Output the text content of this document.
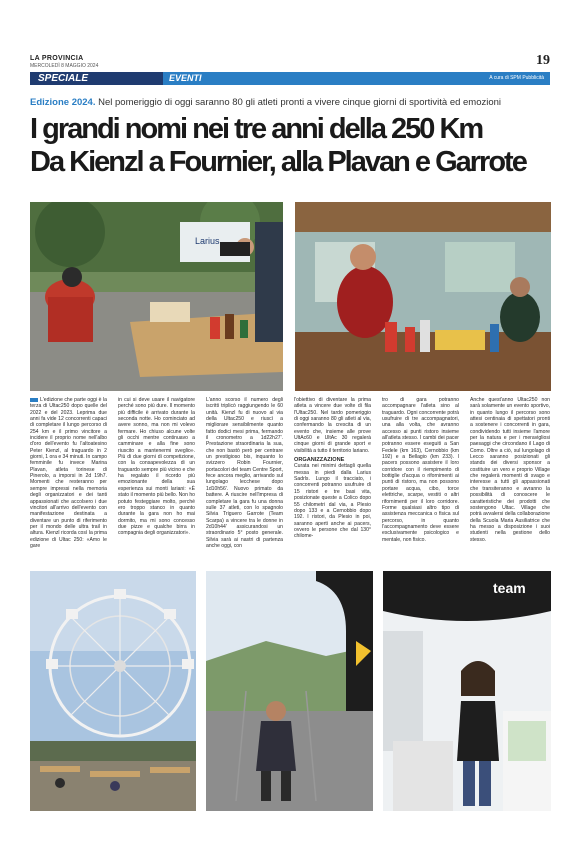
LA PROVINCIA
MERCOLEDÌ 8 MAGGIO 2024	19
SPECIALE	EVENTI	A cura di SPM Pubblicità
Edizione 2024. Nel pomeriggio di oggi saranno 80 gli atleti pronti a vivere cinque giorni di sportività ed emozioni
I grandi nomi nei tre anni della 250 Km
Da Kienzl a Fournier, alla Plavan e Garrote
Larius
L'edizione che parte oggi è la terza di Ultac250 dopo quelle del 2022 e del 2023. Leprima due anni fa vide 12 concorrenti capaci di completare il lungo percorso di 254 km e il primo vincitore a incidere il proprio nome nell'albo d'oro dell'evento fu l'altoatesino Peter Kienzl, al traguardo in 2 giorni, 1 ora e 34 minuti. In campo femminile fu invece Marina Plavan, atleta torinese di Pinerolo, a imporsi in 2d 19h7. Momenti che resteranno per sempre impressi nella memoria degli organizzatori e dei tanti appassionati che accolsero i due vincitori all'arrivo dell'evento con manifestazione destinata a diventare un punto di riferimento per il mondo delle ultra trail in altura. Kienzl ricorda così la prima edizione di Ultac 250: «Amo le gare

in cui si deve usare il navigatore perché sono più dure. Il momento più difficile è arrivato durante la seconda notte. Ho cominciato ad avere sonno, ma non mi volevo fermare. Ho chiuso alcune volte gli occhi mentre continuavo a camminare e alla fine sono riuscito a mantenermi sveglio». Più di due giorni di competizione, con la consapevolezza di un traguardo sempre più vicino e che ha regalato il ricordo più emozionante della sua esperienza sui monti lariani: «È stato il momento più bello. Non ho potuto festeggiare molto, perché ero troppo stanco in quanto durante la gara non ho mai dormito, ma mi sono concesso due pizze e qualche birra in compagnia degli organizzatori».

L'anno scorso il numero degli iscritti triplicò raggiungendo le 60 unità. Kienzl fu di nuovo al via della Ultac250 e riuscì a migliorare sensibilmente quanto fatto dodici mesi prima, fermando il cronometro a 1d22h27'. Prestazione straordinaria la sua, che non bastò però per centrare un prestigioso bis, inquanto lo svizzero Robin Fournier, portacolori del team Centre Sport, fece ancora meglio, arrivando sul lungolago lecchese dopo 1d10h56'. Nuovo primato da battere. A riuscire nell'impresa di completare la gara fu una donna sulle 37 atleti, con lo spagnolo Silvia Triguero Garrote (Team Scarpa) a vincere tra le donne in 2d10h44' assicurandosi un straordinario 5° posto generale. Silvia sarà ai nastri di partenza anche oggi, con

l'obiettivo di diventare la prima atleta a vincere due volte di fila l'Ultac250. Nel tardo pomeriggio di oggi saranno 80 gli atleti al via, confermando la crescita di un evento che, insieme alle prove UltAc60 e UltAc 30 regalerà cinque giorni di grande sport e visibilità a tutto il territorio lariano.

ORGANIZZAZIONE

Curata nei minimi dettagli quella messa in piedi dalla Larius Sadrls. Lungo il tracciato, i concorrenti potranno usufruire di 15 ristori e tre basi vita, posizionate queste a Colico dopo 55 chilometri dal via, a Plesio dopo 133 e a Cernobbio dopo 192. I ristori, da Plesio in poi, saranno aperti anche ai pacers, ovvero le persone che dal 130° chilome-

tro di gara potranno accompagnare l'atleta sino al traguardo. Ogni concorrente potrà usufruire di tre accompagnatori, una alla volta, che avranno accesso ai punti ristoro insieme all'atleta stesso. I cambi dei pacer potranno essere eseguiti a San Fedele (km 163), Cernobbio (km 192) e a Bellagio (km 233). I pacers possono assistere il loro corridore con il riempimento di bottiglie d'acqua o rifornimenti ai punti di ristoro, ma non possono portare acqua, cibo, torce elettriche, scarpe, vestiti o altri rifornimenti per il loro corridore. Forme qualsiasi altro tipo di assistenza meccanica o fisica sul percorso, in quanto l'accompagnamento deve essere esclusivamente psicologico e mentale, non fisico.

Anche quest'anno Ultac250 non sarà solamente un evento sportivo, in quanto lungo il percorso sono attesi centinaia di spettatori pronti a sostenere i concorrenti in gara, condividendo tutti insieme l'amore per la natura e per i meravigliosi paesaggi che circondano il Lago di Como. Oltre a ciò, sul lungolago di Lecco saranno posizionati gli stands dei diversi sponsor a costituire un vero e proprio Village che regalerà momenti di svago e interesse a tutti gli appassionati che transiteranno e avranno la possibilità di conoscere le caratteristiche dei prodotti che sostengono Ultac. Village che potrà avvalersi della collaborazione della Scuola Maria Ausiliatrice che ha messo a disposizione i suoi studenti nella gestione dello stesso.

team
